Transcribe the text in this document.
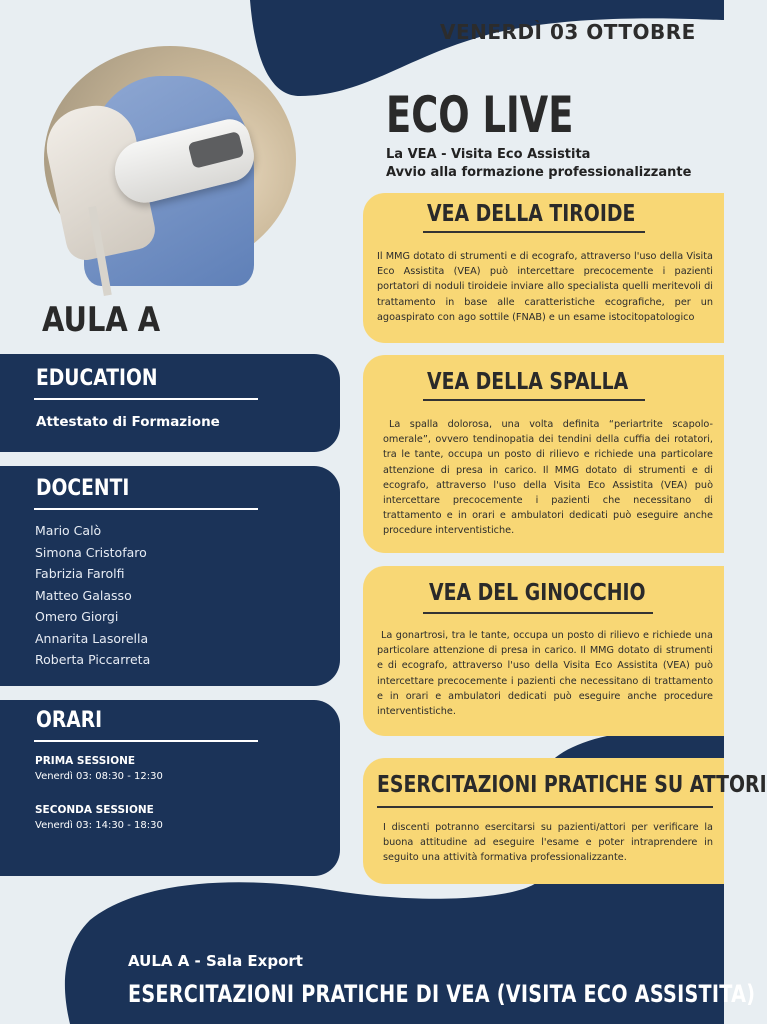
VENERDÌ 03 OTTOBRE
ECO LIVE
La VEA - Visita Eco Assistita
Avvio alla formazione professionalizzante
AULA A
EDUCATION
Attestato di Formazione
DOCENTI
Mario Calò
Simona Cristofaro
Fabrizia Farolfi
Matteo Galasso
Omero Giorgi
Annarita Lasorella
Roberta Piccarreta
ORARI
PRIMA SESSIONE
Venerdì 03: 08:30 - 12:30
SECONDA SESSIONE
Venerdì 03: 14:30 - 18:30
VEA DELLA TIROIDE

Il MMG dotato di strumenti e di ecografo, attraverso l'uso della Visita Eco Assistita (VEA) può intercettare precocemente i pazienti portatori di noduli tiroideie inviare allo specialista quelli meritevoli di trattamento in base alle caratteristiche ecografiche, per un agoaspirato con ago sottile (FNAB) e un esame istocitopatologico

VEA DELLA SPALLA

La spalla dolorosa, una volta definita “periartrite scapolo-omerale”, ovvero tendinopatia dei tendini della cuffia dei rotatori, tra le tante, occupa un posto di rilievo e richiede una particolare attenzione di presa in carico. Il MMG dotato di strumenti e di ecografo, attraverso l'uso della Visita Eco Assistita (VEA) può intercettare precocemente i pazienti che necessitano di trattamento e in orari e ambulatori dedicati può eseguire anche procedure interventistiche.

VEA DEL GINOCCHIO

La gonartrosi, tra le tante, occupa un posto di rilievo e richiede una particolare attenzione di presa in carico. Il MMG dotato di strumenti e di ecografo, attraverso l'uso della Visita Eco Assistita (VEA) può intercettare precocemente i pazienti che necessitano di trattamento e in orari e ambulatori dedicati può eseguire anche procedure interventistiche.

ESERCITAZIONI PRATICHE SU ATTORI

I discenti potranno esercitarsi su pazienti/attori per verificare la buona attitudine ad eseguire l'esame e poter intraprendere in seguito una attività formativa professionalizzante.

AULA A - Sala Export
ESERCITAZIONI PRATICHE DI VEA (VISITA ECO ASSISTITA)
